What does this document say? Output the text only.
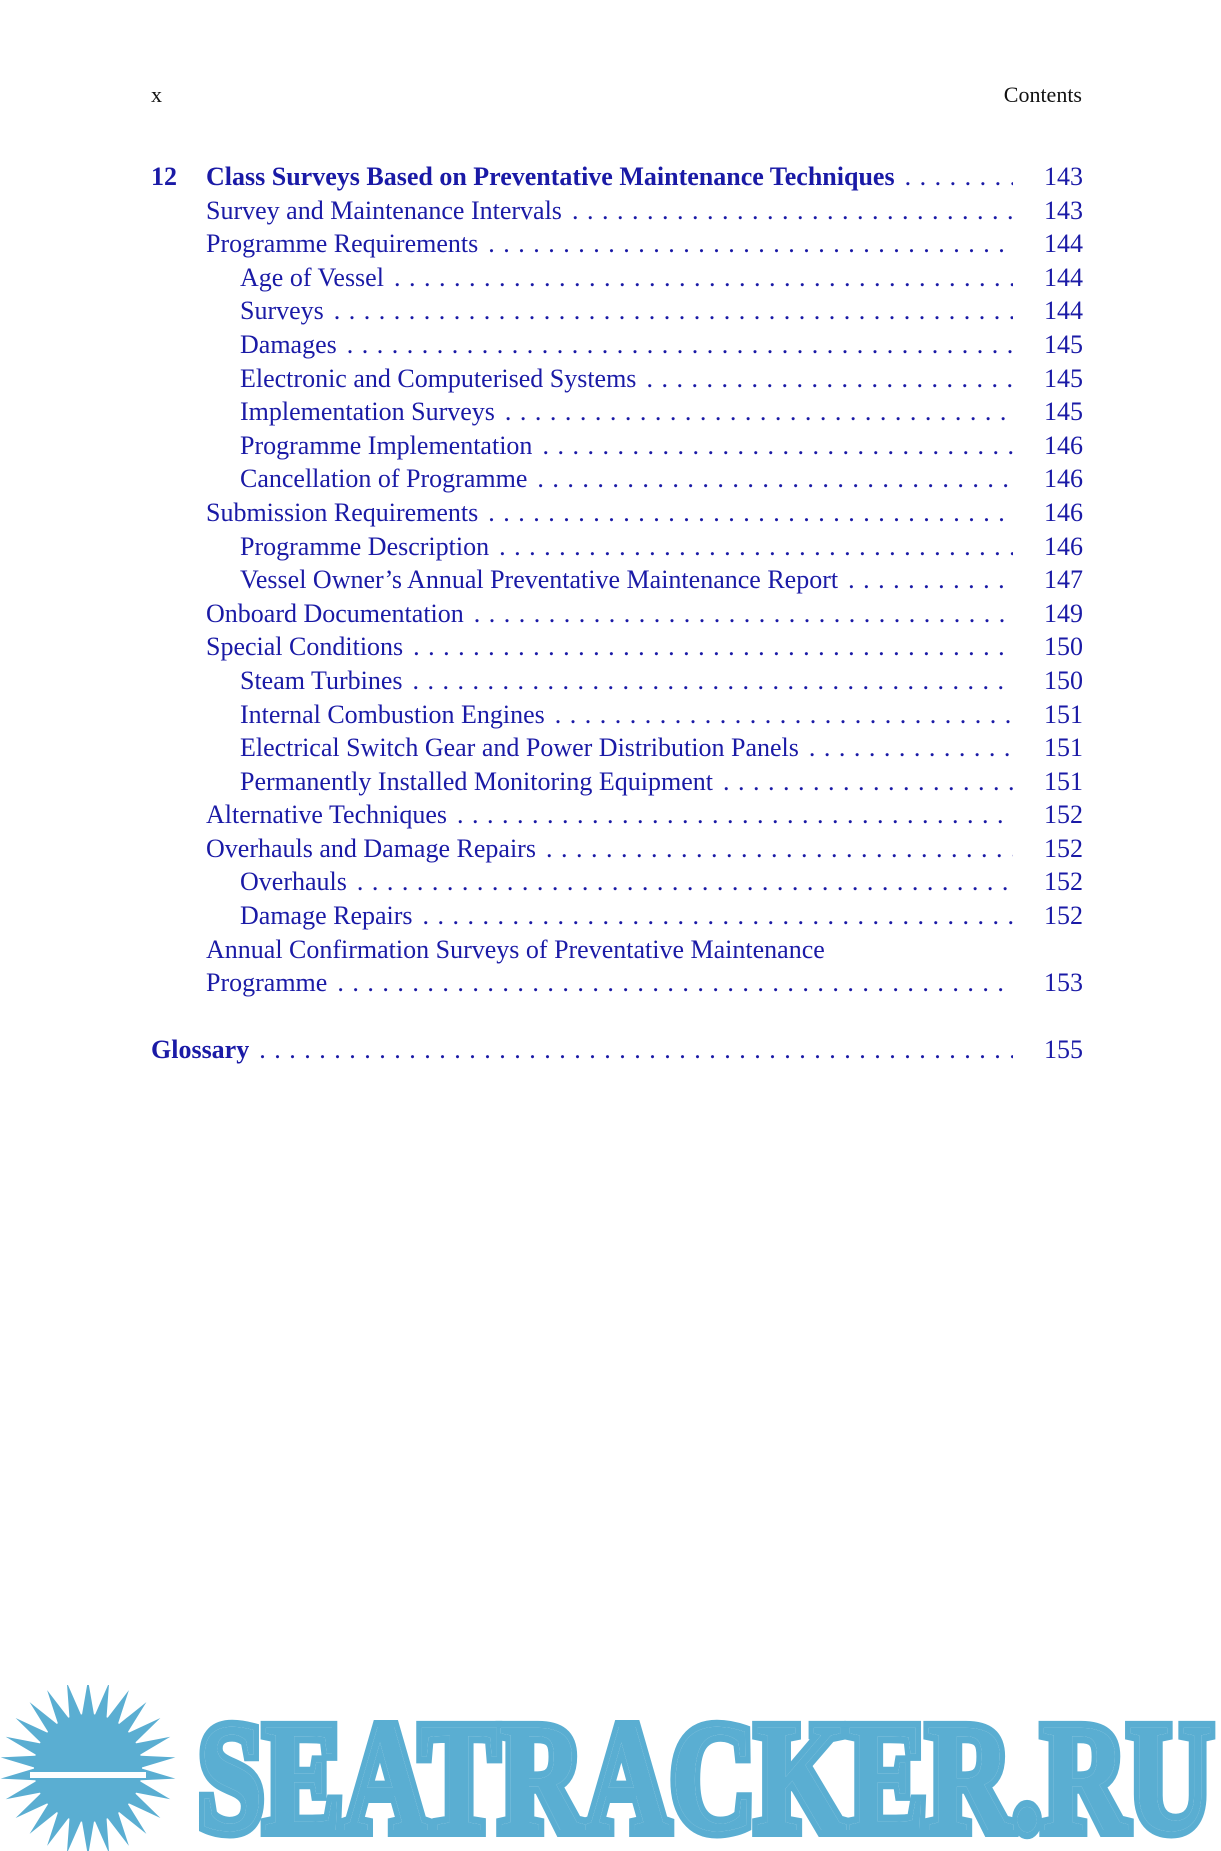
x	Contents
12 Class Surveys Based on Preventative Maintenance Techniques . . .	143
Survey and Maintenance Intervals . . .	143
Programme Requirements . . .	144
Age of Vessel . . .	144
Surveys . . .	144
Damages . . .	145
Electronic and Computerised Systems . . .	145
Implementation Surveys . . .	145
Programme Implementation . . .	146
Cancellation of Programme . . .	146
Submission Requirements . . .	146
Programme Description . . .	146
Vessel Owner’s Annual Preventative Maintenance Report . . .	147
Onboard Documentation . . .	149
Special Conditions . . .	150
Steam Turbines . . .	150
Internal Combustion Engines . . .	151
Electrical Switch Gear and Power Distribution Panels . . .	151
Permanently Installed Monitoring Equipment . . .	151
Alternative Techniques . . .	152
Overhauls and Damage Repairs . . .	152
Overhauls . . .	152
Damage Repairs . . .	152
Annual Confirmation Surveys of Preventative Maintenance
Programme . . .	153
Glossary . . .	155
SEATRACKER.RU
SEATRACKER.RU
